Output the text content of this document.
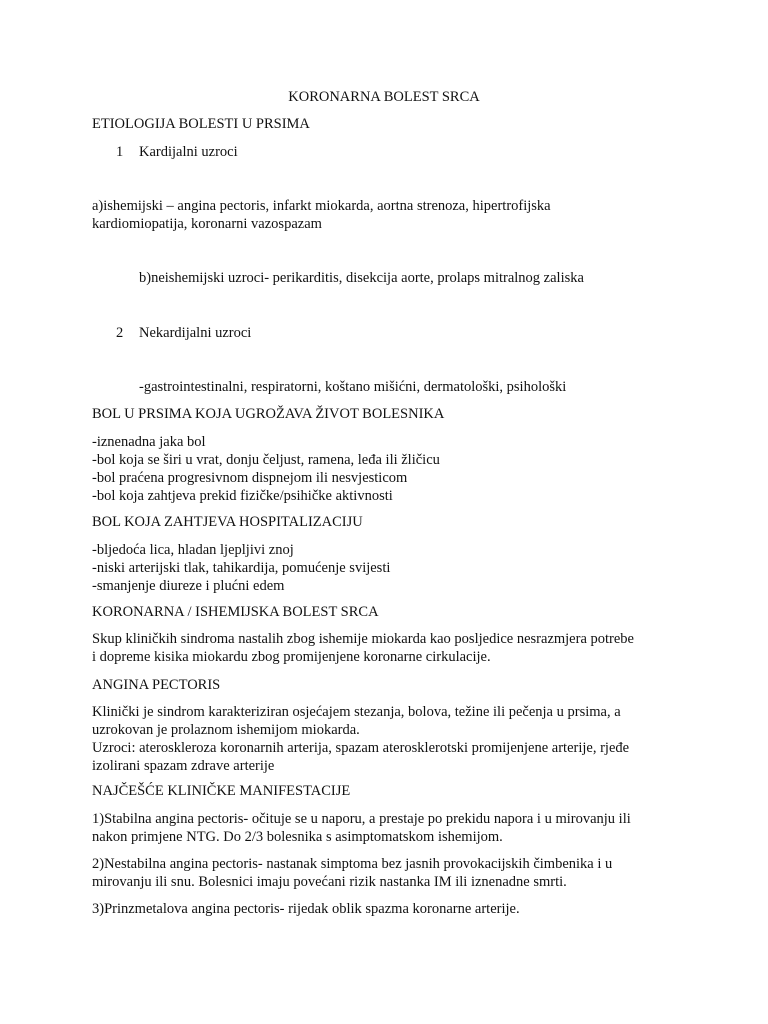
KORONARNA BOLEST SRCA
ETIOLOGIJA BOLESTI U PRSIMA
1 Kardijalni uzroci
a)ishemijski – angina pectoris, infarkt miokarda, aortna strenoza, hipertrofijska
kardiomiopatija, koronarni vazospazam
b)neishemijski uzroci- perikarditis, disekcija aorte, prolaps mitralnog zaliska
2 Nekardijalni uzroci
-gastrointestinalni, respiratorni, koštano mišićni, dermatološki, psihološki
BOL U PRSIMA KOJA UGROŽAVA ŽIVOT BOLESNIKA
-iznenadna jaka bol
-bol koja se širi u vrat, donju čeljust, ramena, leđa ili žličicu
-bol praćena progresivnom dispnejom ili nesvjesticom
-bol koja zahtjeva prekid fizičke/psihičke aktivnosti
BOL KOJA ZAHTJEVA HOSPITALIZACIJU
-bljedoća lica, hladan ljepljivi znoj
-niski arterijski tlak, tahikardija, pomućenje svijesti
-smanjenje diureze i plućni edem
KORONARNA / ISHEMIJSKA BOLEST SRCA
Skup kliničkih sindroma nastalih zbog ishemije miokarda kao posljedice nesrazmjera potrebe
i dopreme kisika miokardu zbog promijenjene koronarne cirkulacije.
ANGINA PECTORIS
Klinički je sindrom karakteriziran osjećajem stezanja, bolova, težine ili pečenja u prsima, a
uzrokovan je prolaznom ishemijom miokarda.
Uzroci: ateroskleroza koronarnih arterija, spazam aterosklerotski promijenjene arterije, rjeđe
izolirani spazam zdrave arterije
NAJČEŠĆE KLINIČKE MANIFESTACIJE
1)Stabilna angina pectoris- očituje se u naporu, a prestaje po prekidu napora i u mirovanju ili
nakon primjene NTG. Do 2/3 bolesnika s asimptomatskom ishemijom.
2)Nestabilna angina pectoris- nastanak simptoma bez jasnih provokacijskih čimbenika i u
mirovanju ili snu. Bolesnici imaju povećani rizik nastanka IM ili iznenadne smrti.
3)Prinzmetalova angina pectoris- rijedak oblik spazma koronarne arterije.
